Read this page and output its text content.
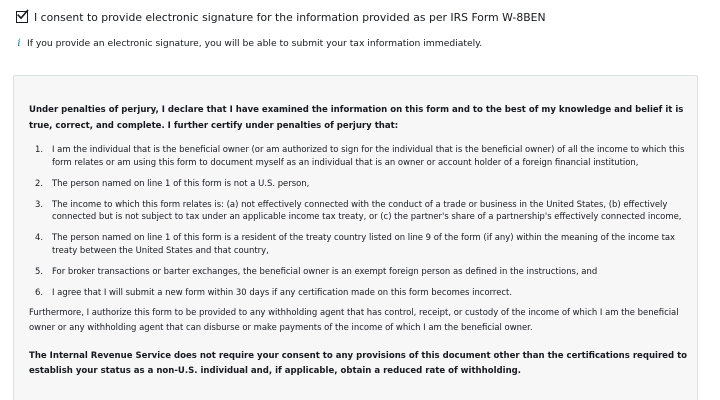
I consent to provide electronic signature for the information provided as per IRS Form W-8BEN
i If you provide an electronic signature, you will be able to submit your tax information immediately.

Under penalties of perjury, I declare that I have examined the information on this form and to the best of my knowledge and belief it is true, correct, and complete. I further certify under penalties of perjury that:

1.	I am the individual that is the beneficial owner (or am authorized to sign for the individual that is the beneficial owner) of all the income to which this form relates or am using this form to document myself as an individual that is an owner or account holder of a foreign financial institution,
2.	The person named on line 1 of this form is not a U.S. person,
3.	The income to which this form relates is: (a) not effectively connected with the conduct of a trade or business in the United States, (b) effectively connected but is not subject to tax under an applicable income tax treaty, or (c) the partner's share of a partnership's effectively connected income,
4.	The person named on line 1 of this form is a resident of the treaty country listed on line 9 of the form (if any) within the meaning of the income tax treaty between the United States and that country,
5.	For broker transactions or barter exchanges, the beneficial owner is an exempt foreign person as defined in the instructions, and
6.	I agree that I will submit a new form within 30 days if any certification made on this form becomes incorrect.

Furthermore, I authorize this form to be provided to any withholding agent that has control, receipt, or custody of the income of which I am the beneficial owner or any withholding agent that can disburse or make payments of the income of which I am the beneficial owner.

The Internal Revenue Service does not require your consent to any provisions of this document other than the certifications required to establish your status as a non-U.S. individual and, if applicable, obtain a reduced rate of withholding.
